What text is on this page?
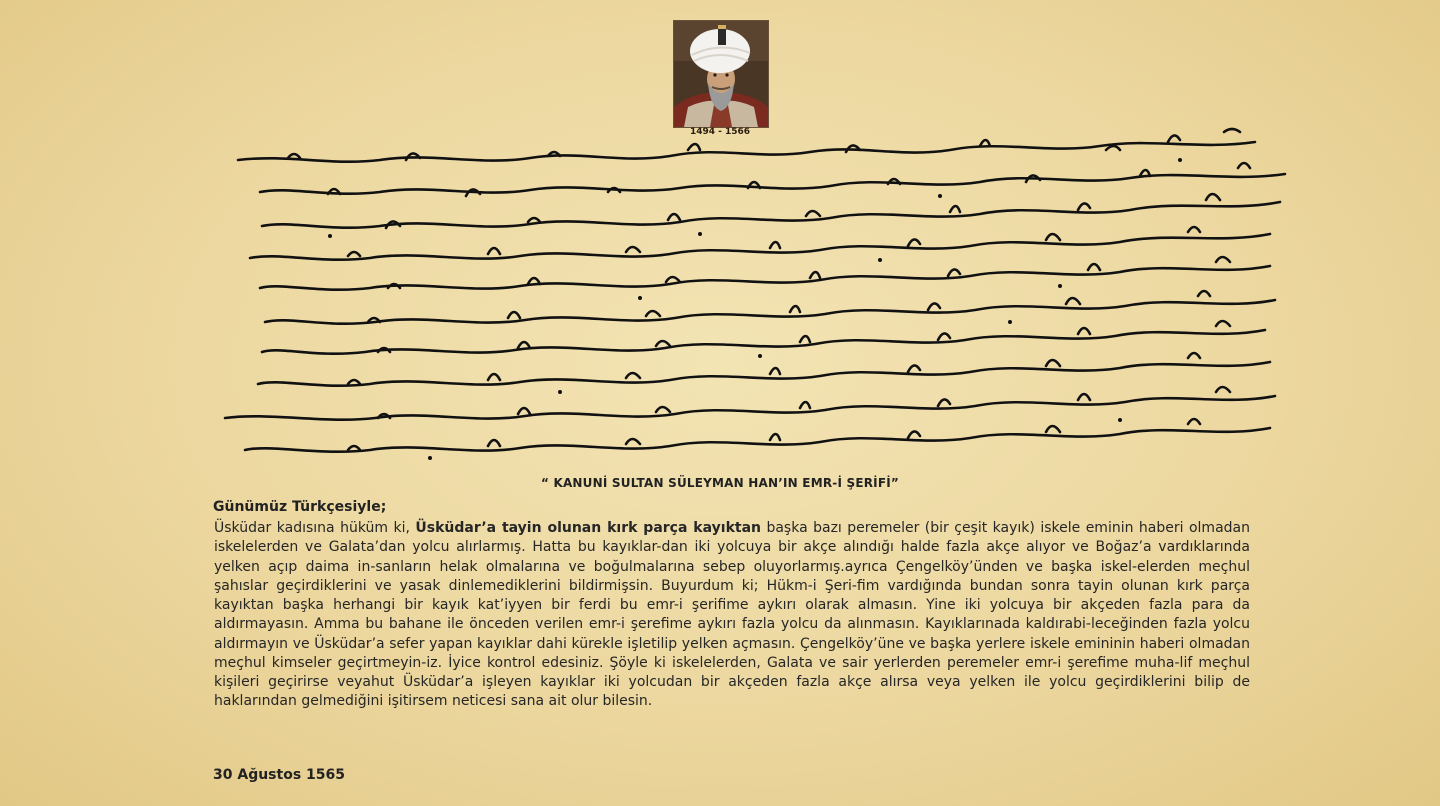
1494 - 1566
“ KANUNİ SULTAN SÜLEYMAN HAN’IN EMR-İ ŞERİFİ”
Günümüz Türkçesiyle;
Üsküdar kadısına hüküm ki, Üsküdar’a tayin olunan kırk parça kayıktan başka bazı peremeler (bir çeşit kayık) iskele eminin haberi olmadan iskelelerden ve Galata’dan yolcu alırlarmış. Hatta bu kayıklar-dan iki yolcuya bir akçe alındığı halde fazla akçe alıyor ve Boğaz’a vardıklarında yelken açıp daima in-sanların helak olmalarına ve boğulmalarına sebep oluyorlarmış.ayrıca Çengelköy’ünden ve başka iskel-elerden meçhul şahıslar geçirdiklerini ve yasak dinlemediklerini bildirmişsin. Buyurdum ki; Hükm-i Şeri-fim vardığında bundan sonra tayin olunan kırk parça kayıktan başka herhangi bir kayık kat’iyyen bir ferdi bu emr-i şerifime aykırı olarak almasın. Yine iki yolcuya bir akçeden fazla para da aldırmayasın. Amma bu bahane ile önceden verilen emr-i şerefime aykırı fazla yolcu da alınmasın. Kayıklarınada kaldırabi-leceğinden fazla yolcu aldırmayın ve Üsküdar’a sefer yapan kayıklar dahi kürekle işletilip yelken açmasın. Çengelköy’üne ve başka yerlere iskele emininin haberi olmadan meçhul kimseler geçirtmeyin-iz. İyice kontrol edesiniz. Şöyle ki iskelelerden, Galata ve sair yerlerden peremeler emr-i şerefime muha-lif meçhul kişileri geçirirse veyahut Üsküdar’a işleyen kayıklar iki yolcudan bir akçeden fazla akçe alırsa veya yelken ile yolcu geçirdiklerini bilip de haklarından gelmediğini işitirsem neticesi sana ait olur bilesin.
30 Ağustos 1565
